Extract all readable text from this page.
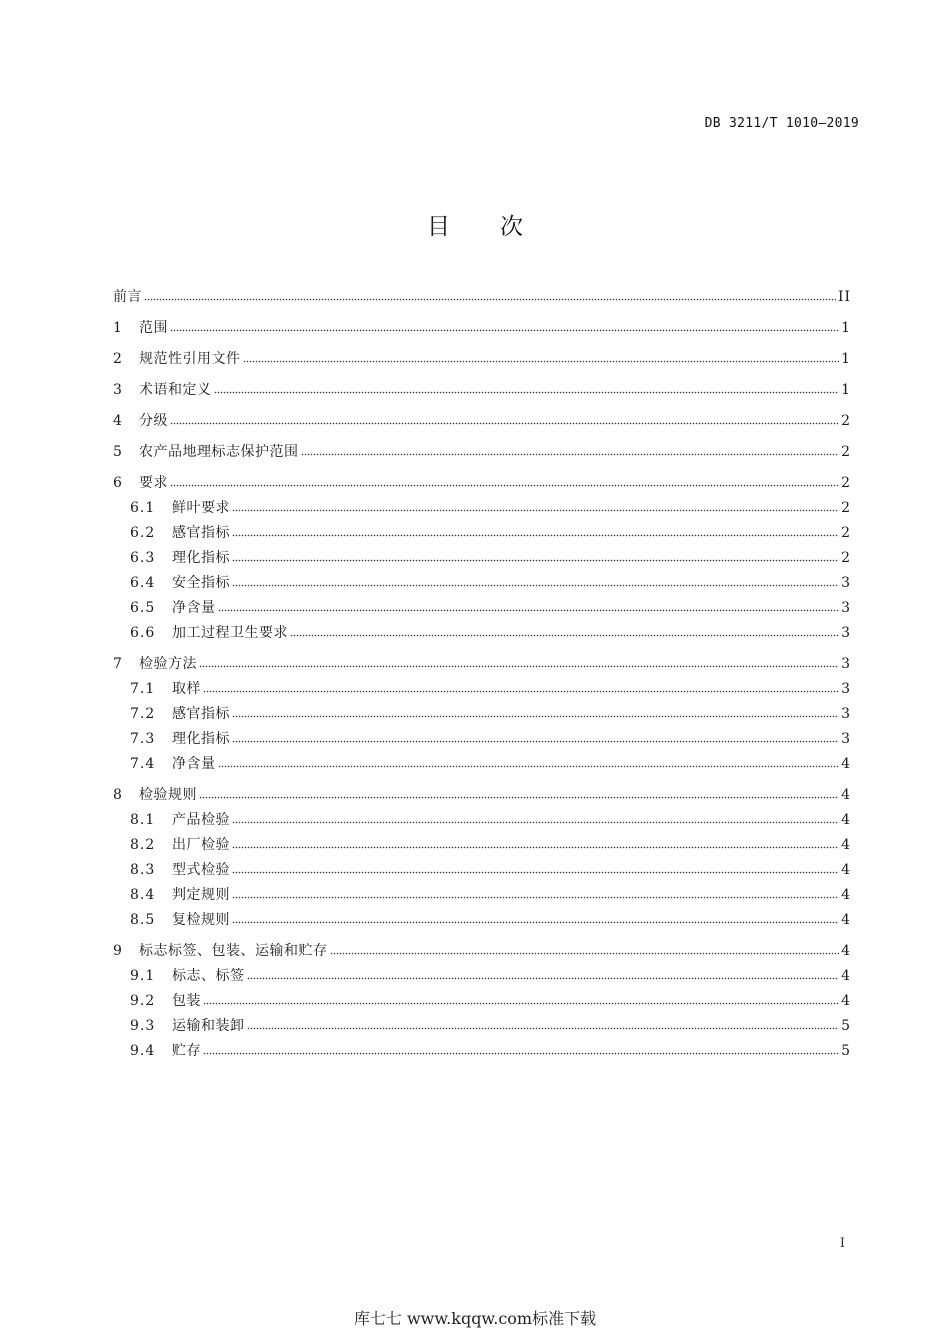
DB 3211/T 1010—2019
目次
前言	II
1	范围	1
2	规范性引用文件	1
3	术语和定义	1
4	分级	2
5	农产品地理标志保护范围	2
6	要求	2
6.1	鲜叶要求	2
6.2	感官指标	2
6.3	理化指标	2
6.4	安全指标	3
6.5	净含量	3
6.6	加工过程卫生要求	3
7	检验方法	3
7.1	取样	3
7.2	感官指标	3
7.3	理化指标	3
7.4	净含量	4
8	检验规则	4
8.1	产品检验	4
8.2	出厂检验	4
8.3	型式检验	4
8.4	判定规则	4
8.5	复检规则	4
9	标志标签、包装、运输和贮存	4
9.1	标志、标签	4
9.2	包装	4
9.3	运输和装卸	5
9.4	贮存	5
I
库七七 www.kqqw.com标准下载
